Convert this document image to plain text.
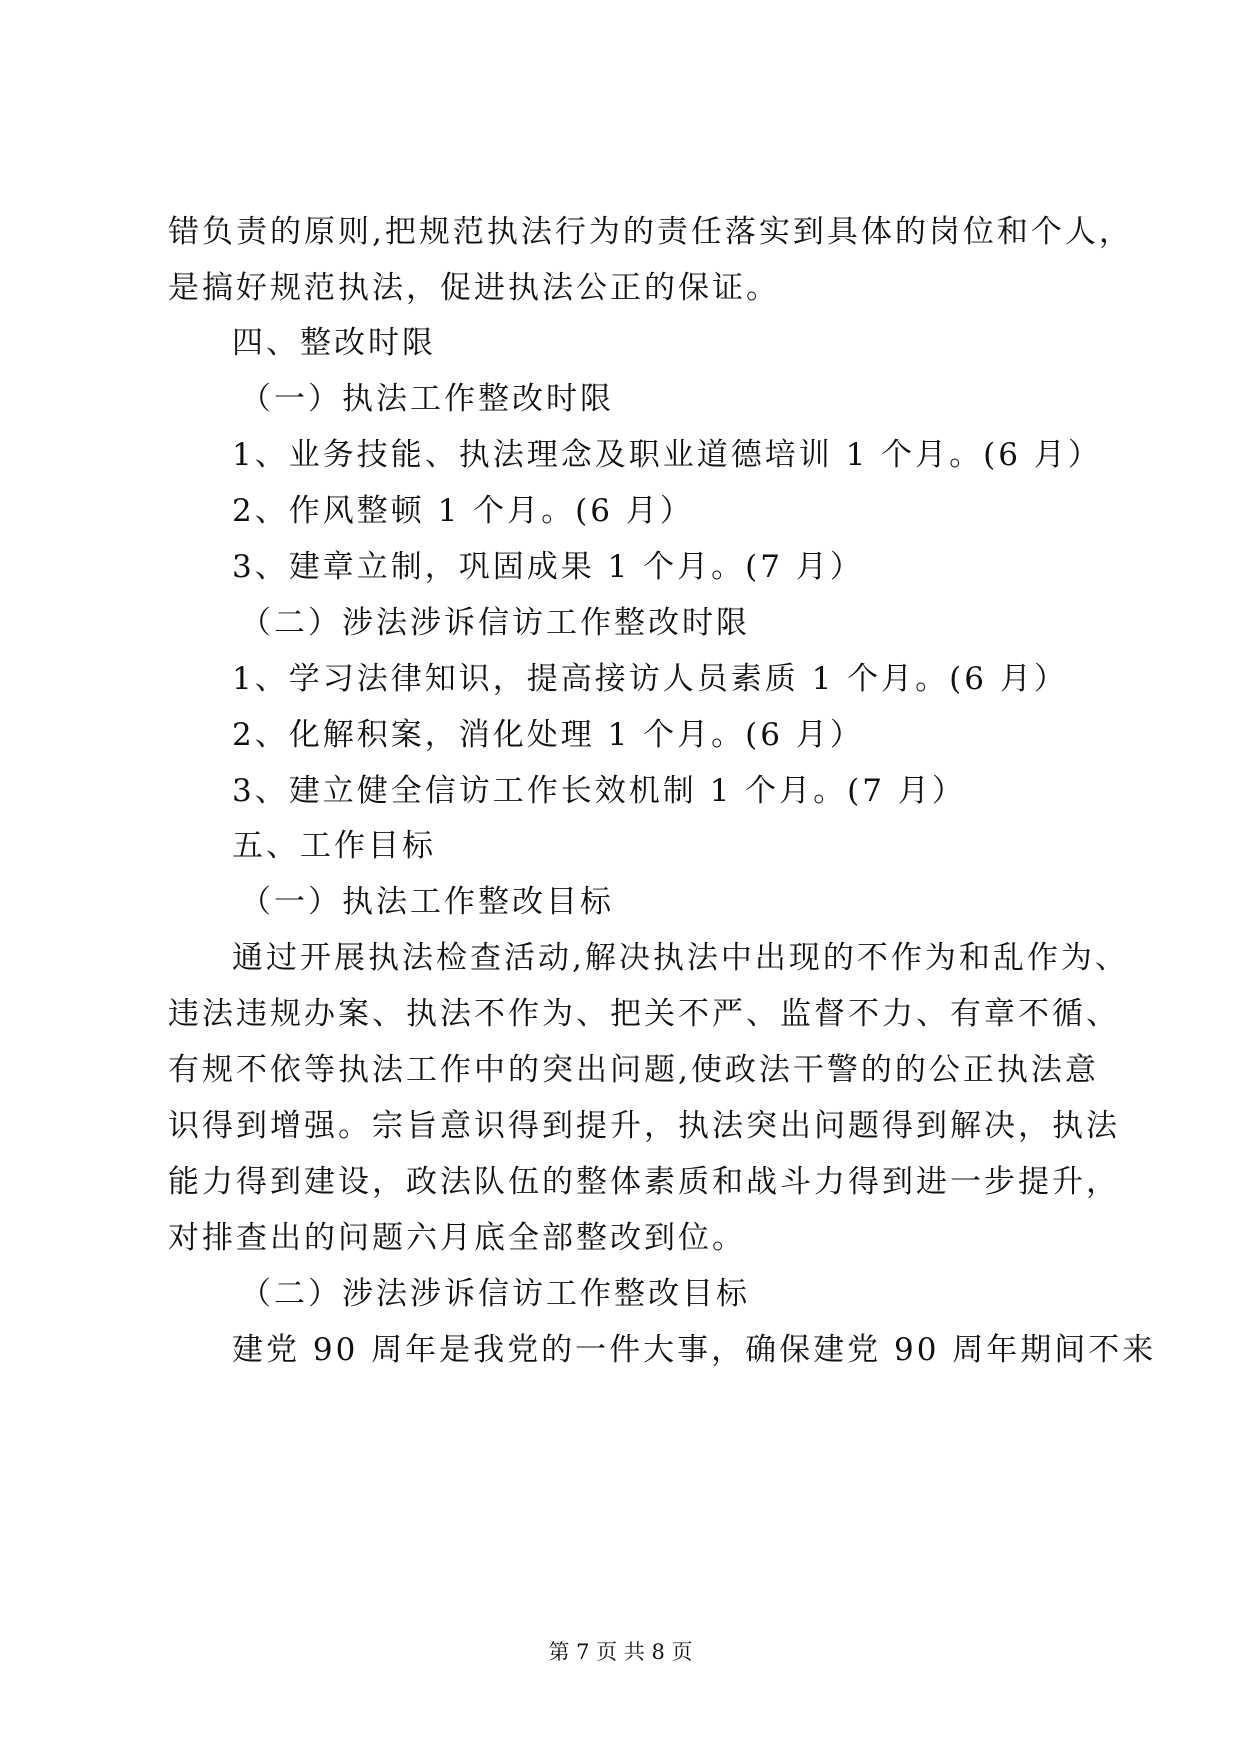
错负责的原则,把规范执法行为的责任落实到具体的岗位和个人，
是搞好规范执法，促进执法公正的保证。
四、整改时限
（一）执法工作整改时限
1、业务技能、执法理念及职业道德培训 1 个月。(6 月）
2、作风整顿 1 个月。(6 月）
3、建章立制，巩固成果 1 个月。(7 月）
（二）涉法涉诉信访工作整改时限
1、学习法律知识，提高接访人员素质 1 个月。(6 月）
2、化解积案，消化处理 1 个月。(6 月）
3、建立健全信访工作长效机制 1 个月。(7 月）
五、工作目标
（一）执法工作整改目标
通过开展执法检查活动,解决执法中出现的不作为和乱作为、
违法违规办案、执法不作为、把关不严、监督不力、有章不循、
有规不依等执法工作中的突出问题,使政法干警的的公正执法意
识得到增强。宗旨意识得到提升，执法突出问题得到解决，执法
能力得到建设，政法队伍的整体素质和战斗力得到进一步提升，
对排查出的问题六月底全部整改到位。
（二）涉法涉诉信访工作整改目标
建党 90 周年是我党的一件大事，确保建党 90 周年期间不来
第 7 页 共 8 页
